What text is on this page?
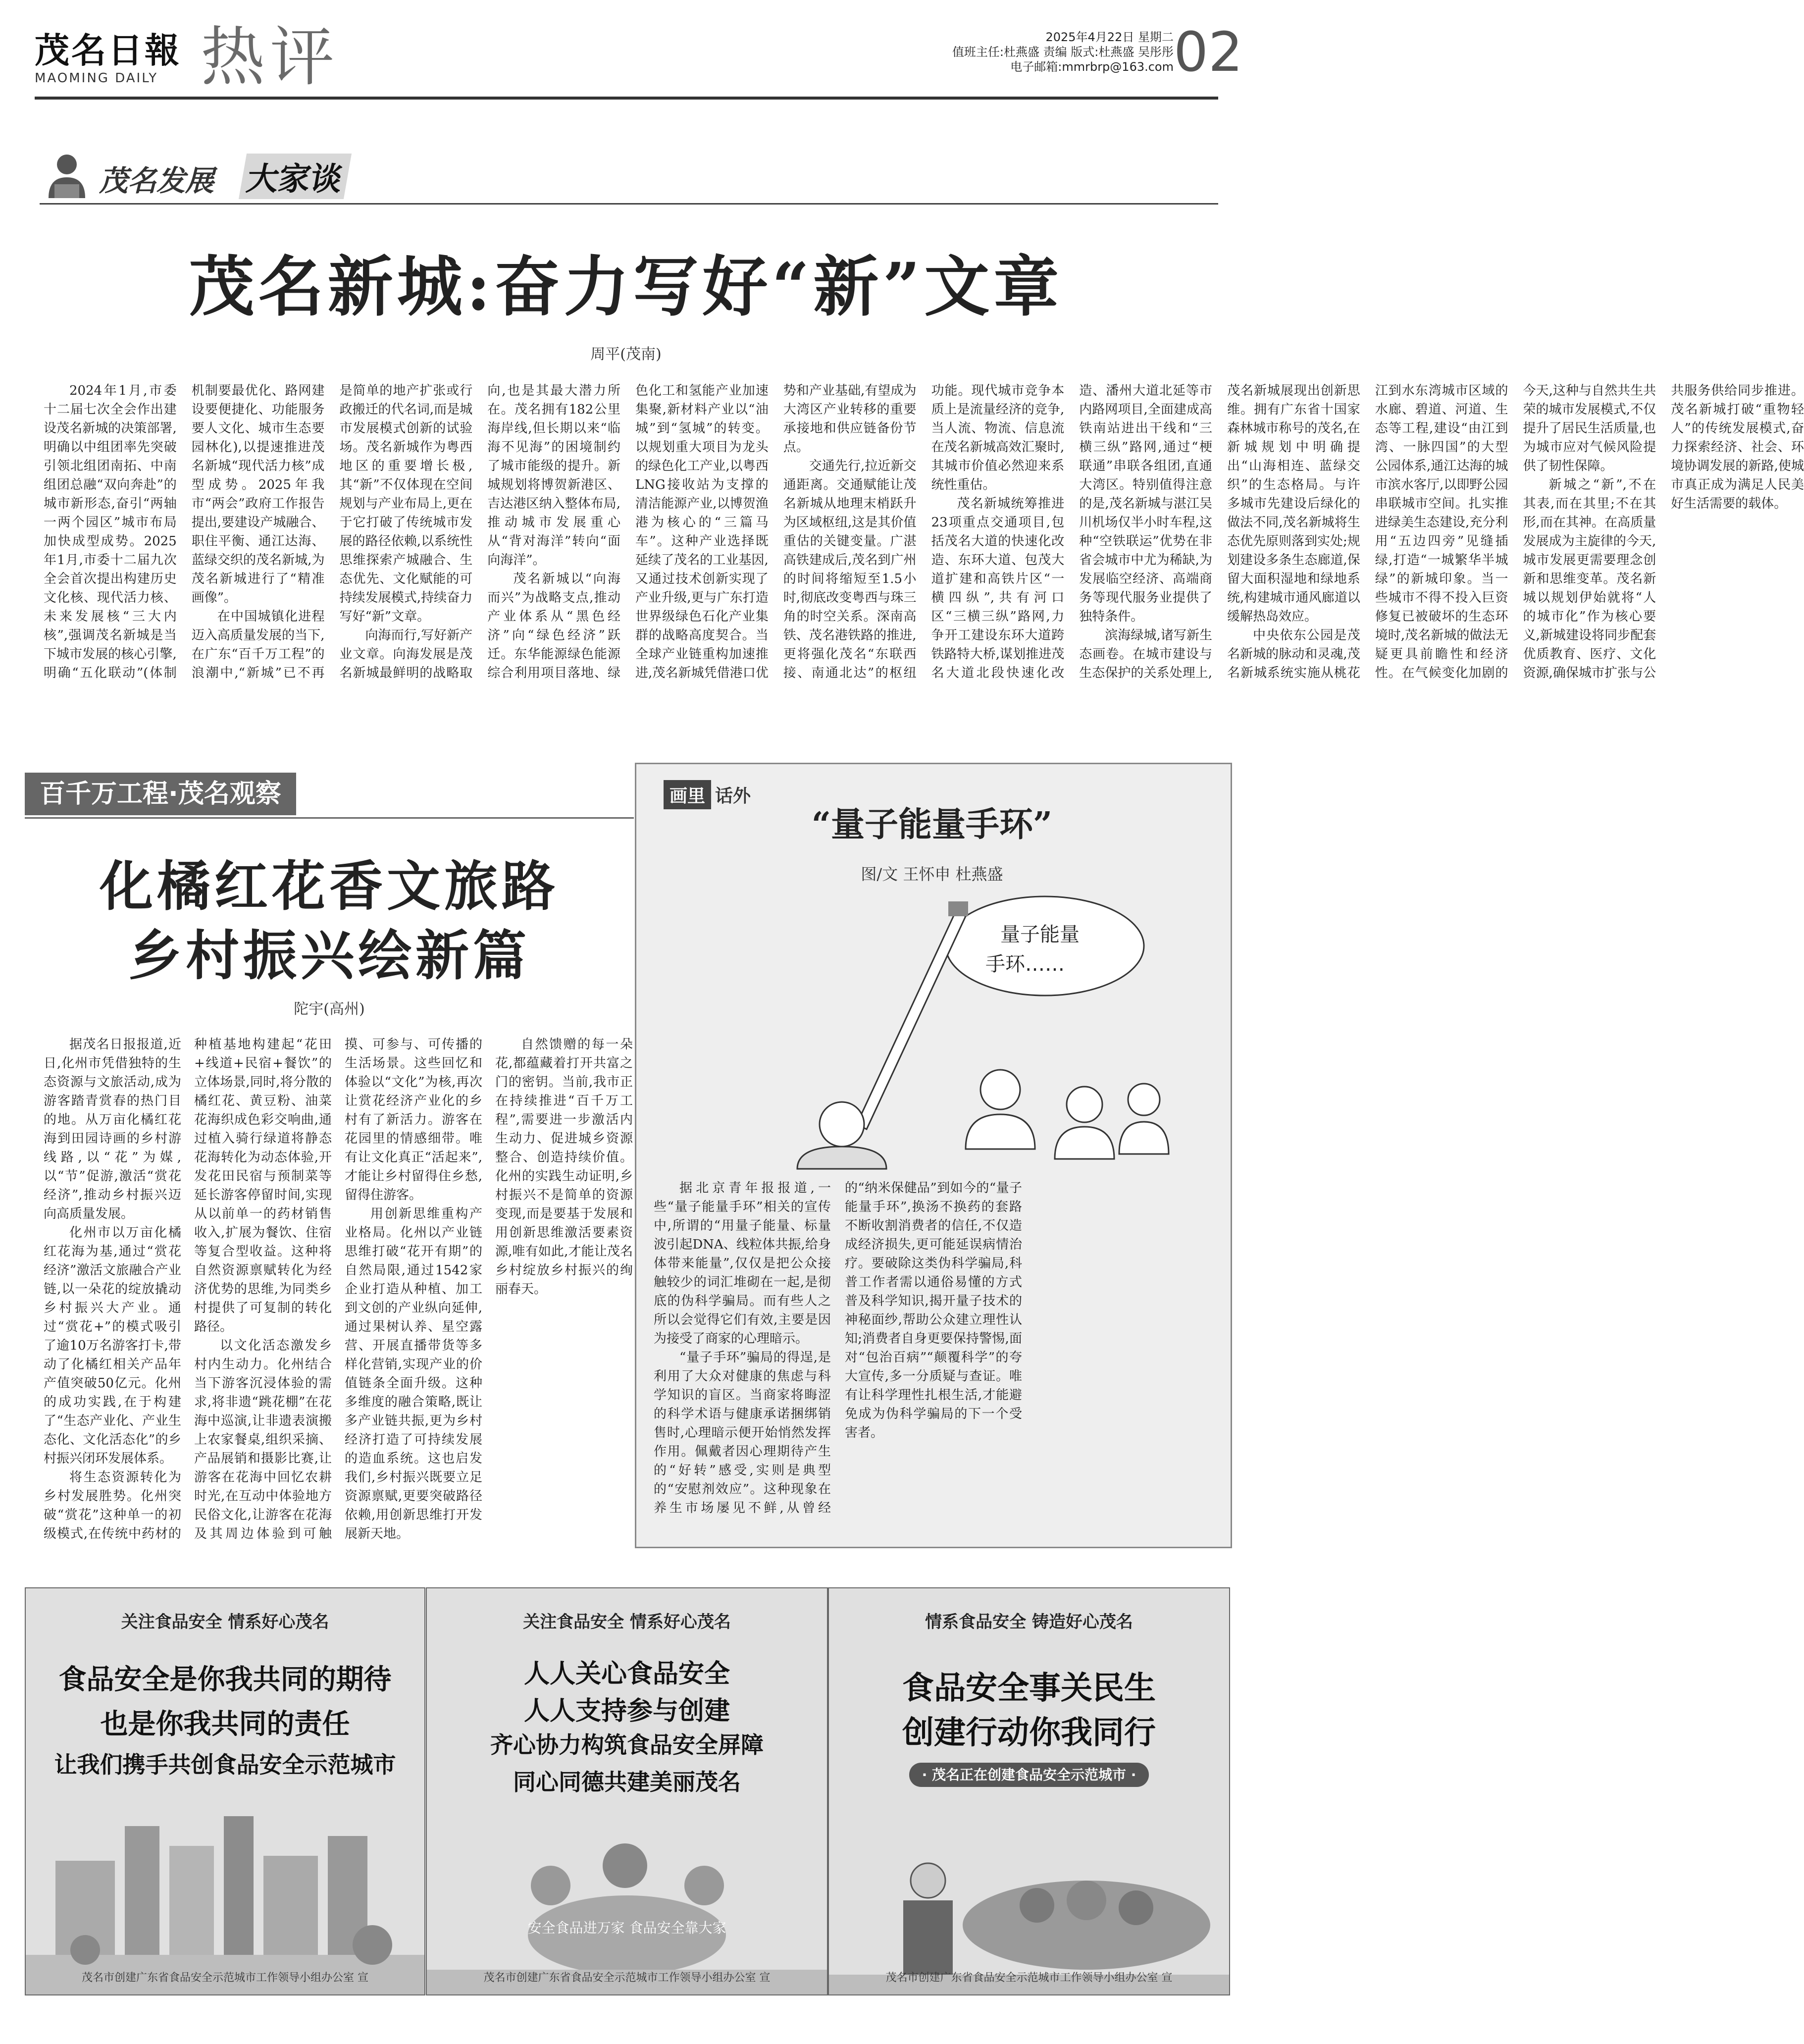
茂名日報
MAOMING DAILY 热评	2025年4月22日 星期二
值班主任:杜燕盛 责编 版式:杜燕盛 吴彤彤
电子邮箱:mmrbrp@163.com 02
茂名发展 大家谈
茂名新城:奋力写好“新”文章
周平(茂南)

2024年1月,市委十二届七次全会作出建设茂名新城的决策部署,明确以中组团率先突破引领北组团南拓、中南组团总融“双向奔赴”的城市新形态,奋引“两轴一两个园区”城市布局加快成型成势。2025年1月,市委十二届九次全会首次提出构建历史文化核、现代活力核、未来发展核“三大内核”,强调茂名新城是当下城市发展的核心引擎,明确“五化联动”(体制机制要最优化、路网建设要便捷化、功能服务要人文化、城市生态要园林化),以提速推进茂名新城“现代活力核”成型成势。2025年我市“两会”政府工作报告提出,要建设产城融合、职住平衡、通江达海、蓝绿交织的茂名新城,为茂名新城进行了“精准画像”。

在中国城镇化进程迈入高质量发展的当下,在广东“百千万工程”的浪潮中,“新城”已不再是简单的地产扩张或行政搬迁的代名词,而是城市发展模式创新的试验场。茂名新城作为粤西地区的重要增长极,其“新”不仅体现在空间规划与产业布局上,更在于它打破了传统城市发展的路径依赖,以系统性思维探索产城融合、生态优先、文化赋能的可持续发展模式,持续奋力写好“新”文章。

向海而行,写好新产业文章。向海发展是茂名新城最鲜明的战略取向,也是其最大潜力所在。茂名拥有182公里海岸线,但长期以来“临海不见海”的困境制约了城市能级的提升。新城规划将博贺新港区、吉达港区纳入整体布局,推动城市发展重心从“背对海洋”转向“面向海洋”。

茂名新城以“向海而兴”为战略支点,推动产业体系从“黑色经济”向“绿色经济”跃迁。东华能源绿色能源综合利用项目落地、绿色化工和氢能产业加速集聚,新材料产业以“油城”到“氢城”的转变。以规划重大项目为龙头的绿色化工产业,以粤西LNG接收站为支撑的清洁能源产业,以博贺渔港为核心的“三篇马车”。这种产业选择既延续了茂名的工业基因,又通过技术创新实现了产业升级,更与广东打造世界级绿色石化产业集群的战略高度契合。当全球产业链重构加速推进,茂名新城凭借港口优势和产业基础,有望成为大湾区产业转移的重要承接地和供应链备份节点。

交通先行,拉近新交通距离。交通赋能让茂名新城从地理末梢跃升为区域枢纽,这是其价值重估的关键变量。广湛高铁建成后,茂名到广州的时间将缩短至1.5小时,彻底改变粤西与珠三角的时空关系。深南高铁、茂名港铁路的推进,更将强化茂名“东联西接、南通北达”的枢纽功能。现代城市竞争本质上是流量经济的竞争,当人流、物流、信息流在茂名新城高效汇聚时,其城市价值必然迎来系统性重估。

茂名新城统筹推进23项重点交通项目,包括茂名大道的快速化改造、东环大道、包茂大道扩建和高铁片区“一横四纵”,共有河口区“三横三纵”路网,力争开工建设东环大道跨铁路特大桥,谋划推进茂名大道北段快速化改造、潘州大道北延等市内路网项目,全面建成高铁南站进出干线和“三横三纵”路网,通过“梗联通”串联各组团,直通大湾区。特别值得注意的是,茂名新城与湛江吴川机场仅半小时车程,这种“空铁联运”优势在非省会城市中尤为稀缺,为发展临空经济、高端商务等现代服务业提供了独特条件。

滨海绿城,诸写新生态画卷。在城市建设与生态保护的关系处理上,茂名新城展现出创新思维。拥有广东省十国家森林城市称号的茂名,在新城规划中明确提出“山海相连、蓝绿交织”的生态格局。与许多城市先建设后绿化的做法不同,茂名新城将生态优先原则落到实处;规划建设多条生态廊道,保留大面积湿地和绿地系统,构建城市通风廊道以缓解热岛效应。

中央依东公园是茂名新城的脉动和灵魂,茂名新城系统实施从桃花江到水东湾城市区域的水廊、碧道、河道、生态等工程,建设“由江到湾、一脉四国”的大型公园体系,通江达海的城市滨水客厅,以即野公园串联城市空间。扎实推进绿美生态建设,充分利用“五边四旁”见缝插绿,打造“一城繁华半城绿”的新城印象。当一些城市不得不投入巨资修复已被破坏的生态环境时,茂名新城的做法无疑更具前瞻性和经济性。在气候变化加剧的今天,这种与自然共生共荣的城市发展模式,不仅提升了居民生活质量,也为城市应对气候风险提供了韧性保障。

新城之“新”,不在其表,而在其里;不在其形,而在其神。在高质量发展成为主旋律的今天,城市发展更需要理念创新和思维变革。茂名新城以规划伊始就将“人的城市化”作为核心要义,新城建设将同步配套优质教育、医疗、文化资源,确保城市扩张与公共服务供给同步推进。茂名新城打破“重物轻人”的传统发展模式,奋力探索经济、社会、环境协调发展的新路,使城市真正成为满足人民美好生活需要的载体。

百千万工程·茂名观察
化橘红花香文旅路
乡村振兴绘新篇
陀宇(高州)

据茂名日报报道,近日,化州市凭借独特的生态资源与文旅活动,成为游客踏青赏春的热门目的地。从万亩化橘红花海到田园诗画的乡村游线路,以“花”为媒,以“节”促游,激活“赏花经济”,推动乡村振兴迈向高质量发展。

化州市以万亩化橘红花海为基,通过“赏花经济”激活文旅融合产业链,以一朵花的绽放撬动乡村振兴大产业。通过“赏花+”的模式吸引了逾10万名游客打卡,带动了化橘红相关产品年产值突破50亿元。化州的成功实践,在于构建了“生态产业化、产业生态化、文化活态化”的乡村振兴闭环发展体系。

将生态资源转化为乡村发展胜势。化州突破“赏花”这种单一的初级模式,在传统中药材的种植基地构建起“花田+线道+民宿+餐饮”的立体场景,同时,将分散的橘红花、黄豆粉、油菜花海织成色彩交响曲,通过植入骑行绿道将静态花海转化为动态体验,开发花田民宿与预制菜等延长游客停留时间,实现从以前单一的药材销售收入,扩展为餐饮、住宿等复合型收益。这种将自然资源禀赋转化为经济优势的思维,为同类乡村提供了可复制的转化路径。

以文化活态激发乡村内生动力。化州结合当下游客沉浸体验的需求,将非遗“跳花棚”在花海中巡演,让非遗表演搬上农家餐桌,组织采摘、产品展销和摄影比赛,让游客在花海中回忆农耕时光,在互动中体验地方民俗文化,让游客在花海及其周边体验到可触摸、可参与、可传播的生活场景。这些回忆和体验以“文化”为核,再次让赏花经济产业化的乡村有了新活力。游客在花园里的情感细带。唯有让文化真正“活起来”,才能让乡村留得住乡愁,留得住游客。

用创新思维重构产业格局。化州以产业链思维打破“花开有期”的自然局限,通过1542家企业打造从种植、加工到文创的产业纵向延伸,通过果树认养、星空露营、开展直播带货等多样化营销,实现产业的价值链条全面升级。这种多维度的融合策略,既让多产业链共振,更为乡村经济打造了可持续发展的造血系统。这也启发我们,乡村振兴既要立足资源禀赋,更要突破路径依赖,用创新思维打开发展新天地。

自然馈赠的每一朵花,都蕴藏着打开共富之门的密钥。当前,我市正在持续推进“百千万工程”,需要进一步激活内生动力、促进城乡资源整合、创造持续价值。化州的实践生动证明,乡村振兴不是简单的资源变现,而是要基于发展和用创新思维激活要素资源,唯有如此,才能让茂名乡村绽放乡村振兴的绚丽春天。

画里 话外
“量子能量手环”
图/文 王怀申 杜燕盛
量子能量
手环……

据北京青年报报道,一些“量子能量手环”相关的宣传中,所谓的“用量子能量、标量波引起DNA、线粒体共振,给身体带来能量”,仅仅是把公众接触较少的词汇堆砌在一起,是彻底的伪科学骗局。而有些人之所以会觉得它们有效,主要是因为接受了商家的心理暗示。

“量子手环”骗局的得逞,是利用了大众对健康的焦虑与科学知识的盲区。当商家将晦涩的科学术语与健康承诺捆绑销售时,心理暗示便开始悄然发挥作用。佩戴者因心理期待产生的“好转”感受,实则是典型的“安慰剂效应”。这种现象在养生市场屡见不鲜,从曾经的“纳米保健品”到如今的“量子能量手环”,换汤不换药的套路不断收割消费者的信任,不仅造成经济损失,更可能延误病情治疗。要破除这类伪科学骗局,科普工作者需以通俗易懂的方式普及科学知识,揭开量子技术的神秘面纱,帮助公众建立理性认知;消费者自身更要保持警惕,面对“包治百病”“颠覆科学”的夸大宣传,多一分质疑与查证。唯有让科学理性扎根生活,才能避免成为伪科学骗局的下一个受害者。

关注食品安全 情系好心茂名
食品安全是你我共同的期待
也是你我共同的责任
让我们携手共创食品安全示范城市
茂名市创建广东省食品安全示范城市工作领导小组办公室 宣
关注食品安全 情系好心茂名
人人关心食品安全
人人支持参与创建
齐心协力构筑食品安全屏障
同心同德共建美丽茂名
安全食品进万家 食品安全靠大家
茂名市创建广东省食品安全示范城市工作领导小组办公室 宣
情系食品安全 铸造好心茂名
食品安全事关民生
创建行动你我同行
· 茂名正在创建食品安全示范城市 ·
茂名市创建广东省食品安全示范城市工作领导小组办公室 宣
